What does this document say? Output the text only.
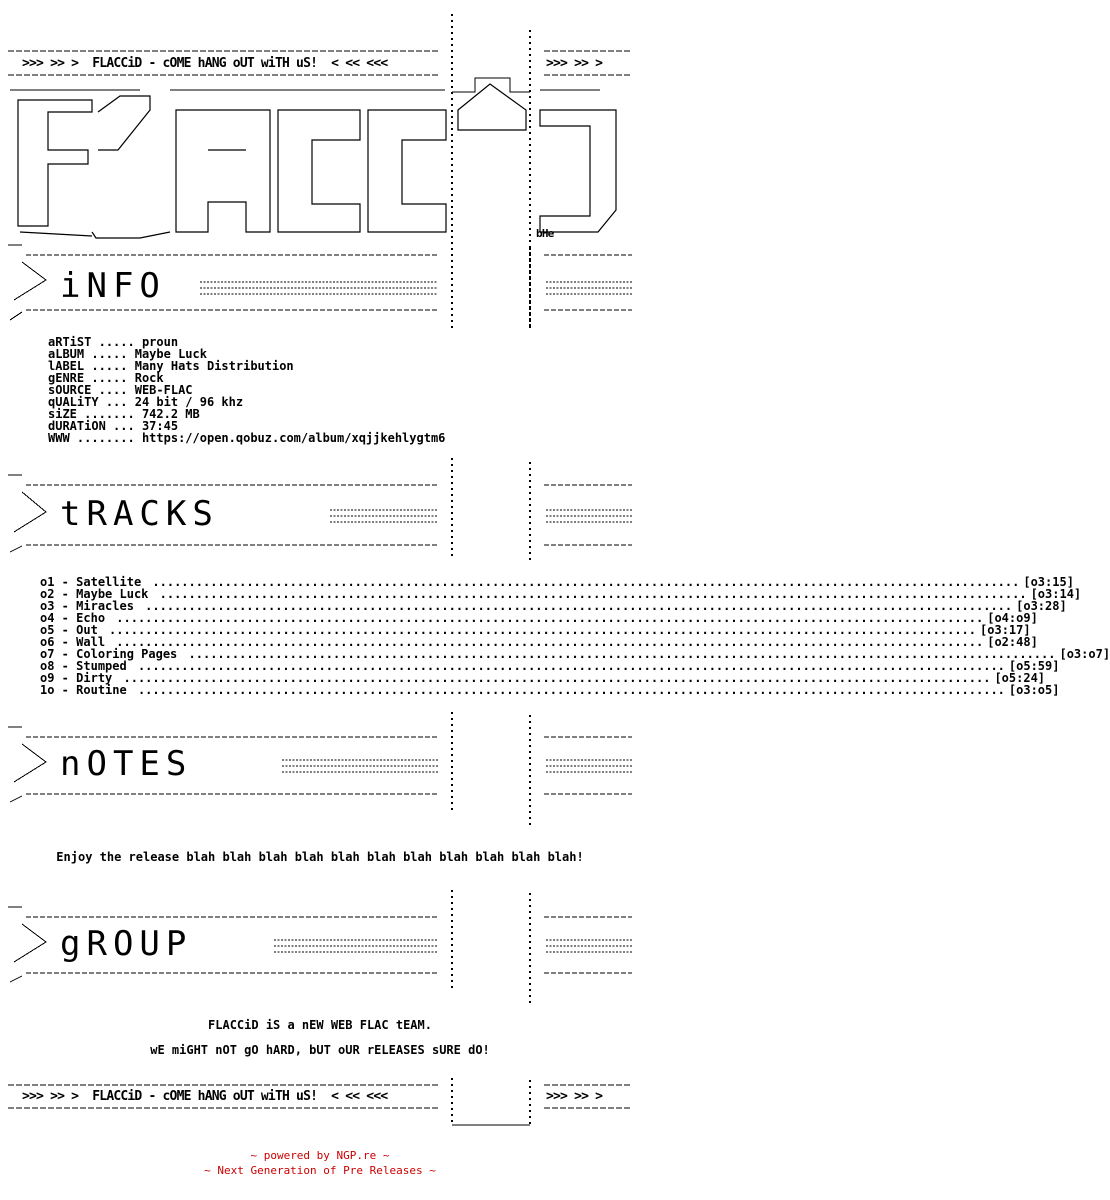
>>> >> >  FLACCiD - cOME hANG oUT wiTH uS!  < << <<<	>>> >> >
bHe
iNFO
aRTiST ..... proun
aLBUM ..... Maybe Luck
lABEL ..... Many Hats Distribution
gENRE ..... Rock
sOURCE .... WEB-FLAC
qUALiTY ... 24 bit / 96 khz
siZE ....... 742.2 MB
dURATiON ... 37:45
WWW ........ https://open.qobuz.com/album/xqjjkehlygtm6
tRACKS
o1 - Satellite ........................................................................................................................ [o3:15]
o2 - Maybe Luck ........................................................................................................................ [o3:14]
o3 - Miracles ........................................................................................................................ [o3:28]
o4 - Echo ........................................................................................................................ [o4:o9]
o5 - Out ........................................................................................................................ [o3:17]
o6 - Wall ........................................................................................................................ [o2:48]
o7 - Coloring Pages ........................................................................................................................ [o3:o7]
o8 - Stumped ........................................................................................................................ [o5:59]
o9 - Dirty ........................................................................................................................ [o5:24]
1o - Routine ........................................................................................................................ [o3:o5]
nOTES

Enjoy the release blah blah blah blah blah blah blah blah blah blah blah!

gROUP

FLACCiD iS a nEW WEB FLAC tEAM.

wE miGHT nOT gO hARD, bUT oUR rELEASES sURE dO!

>>> >> >  FLACCiD - cOME hANG oUT wiTH uS!  < << <<<	>>> >> >

~ powered by NGP.re ~

~ Next Generation of Pre Releases ~
